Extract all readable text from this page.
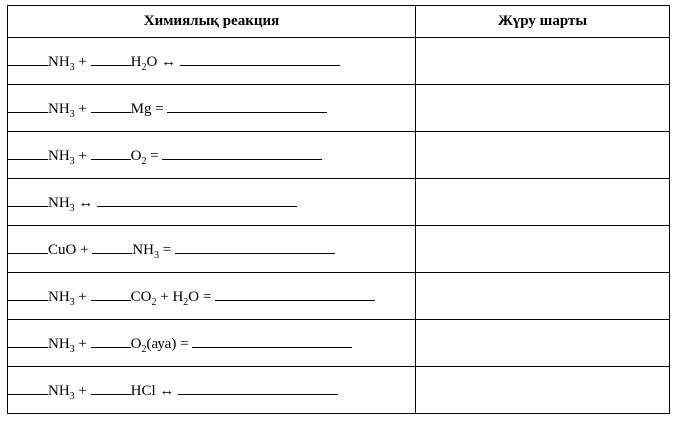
Химиялық реакция	Жүру шарты
$NH_3 + H_2O$ ↔	
$NH_3 + Mg$ =	
$NH_3 + O_2$ =	
$NH_3$ ↔	
CuO + $NH_3$ =	
$NH_3 + CO_2 + H_2O$ =	
$NH_3 + O_2(ауа)$ =	
$NH_3$ + HCl ↔	
